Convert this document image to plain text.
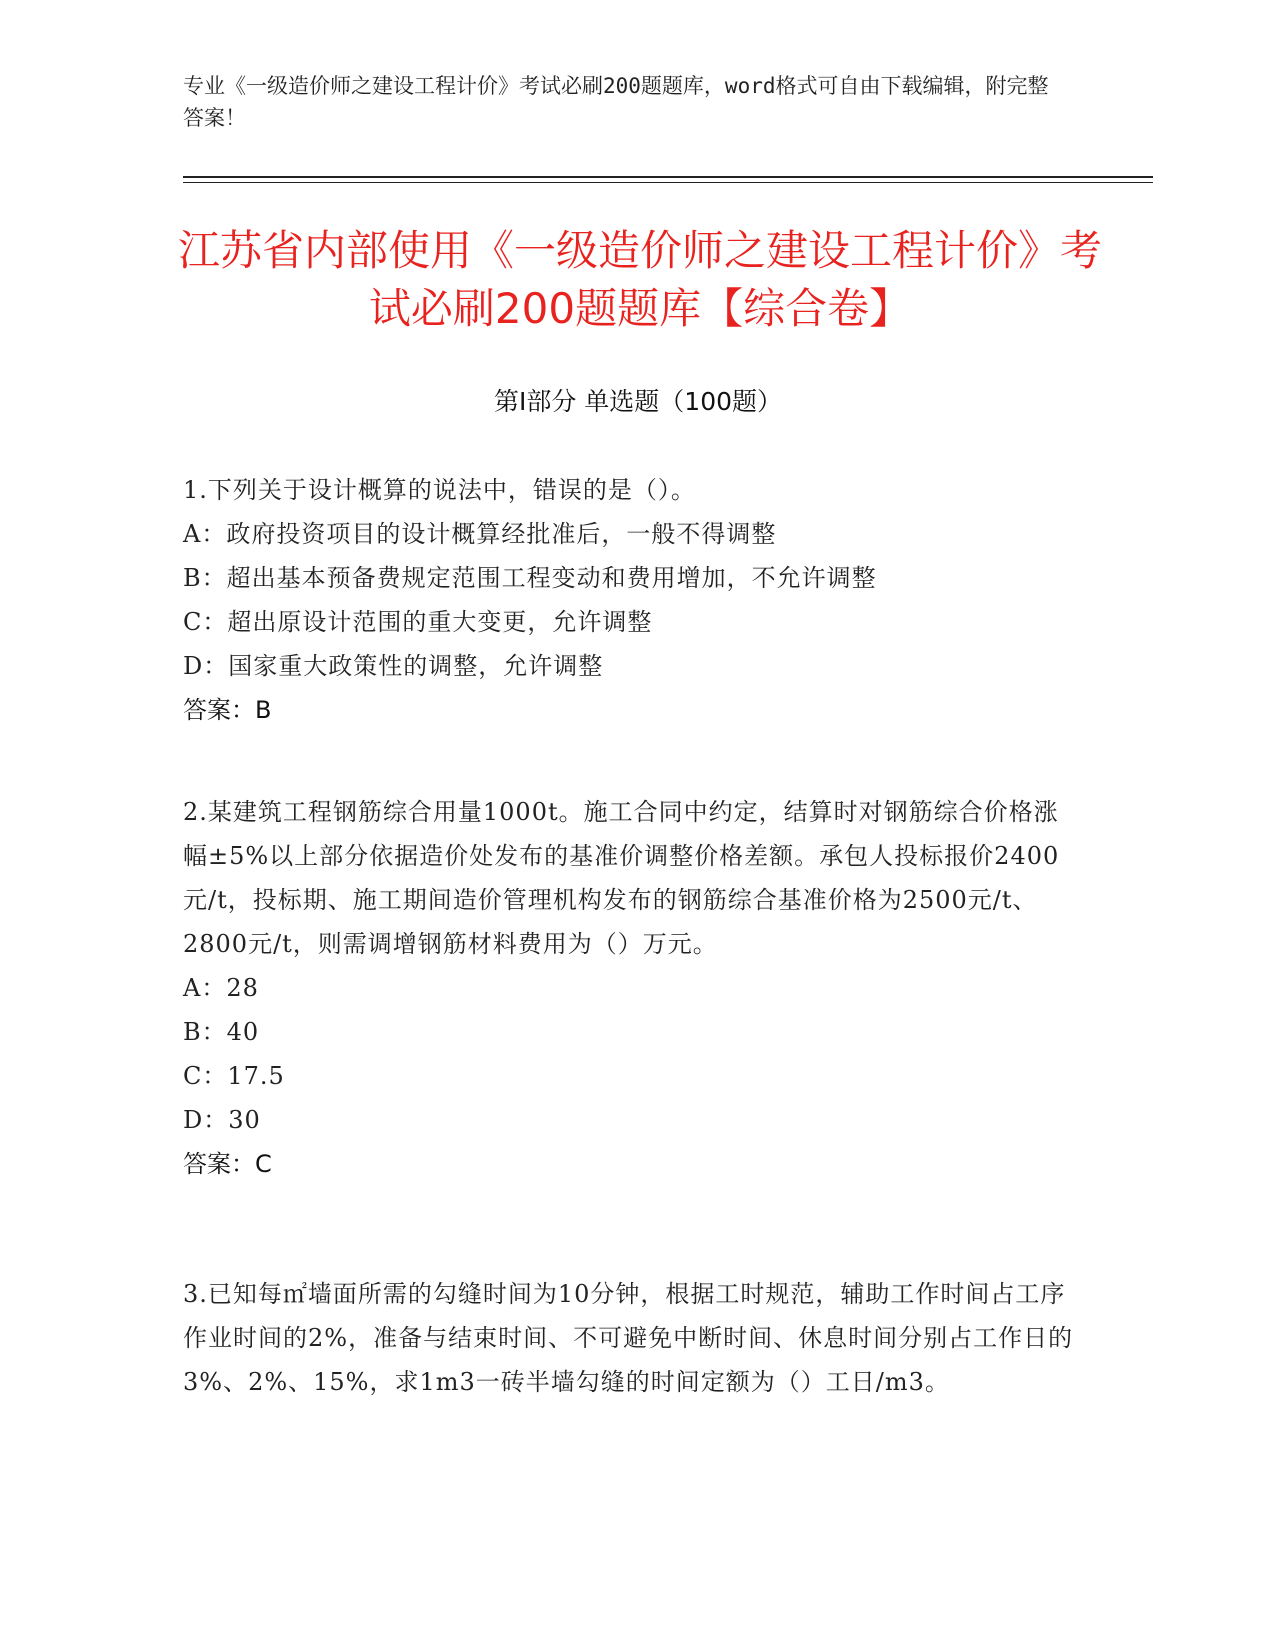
专业《一级造价师之建设工程计价》考试必刷200题题库，word格式可自由下载编辑，附完整答案！
江苏省内部使用《一级造价师之建设工程计价》考试必刷200题题库【综合卷】
第I部分 单选题（100题）
1.下列关于设计概算的说法中，错误的是（）。
A：政府投资项目的设计概算经批准后，一般不得调整
B：超出基本预备费规定范围工程变动和费用增加，不允许调整
C：超出原设计范围的重大变更，允许调整
D：国家重大政策性的调整，允许调整
答案：B
2.某建筑工程钢筋综合用量1000t。施工合同中约定，结算时对钢筋综合价格涨幅±5%以上部分依据造价处发布的基准价调整价格差额。承包人投标报价2400元/t，投标期、施工期间造价管理机构发布的钢筋综合基准价格为2500元/t、2800元/t，则需调增钢筋材料费用为（）万元。
A：28
B：40
C：17.5
D：30
答案：C
3.已知每㎡墙面所需的勾缝时间为10分钟，根据工时规范，辅助工作时间占工序作业时间的2%，准备与结束时间、不可避免中断时间、休息时间分别占工作日的3%、2%、15%，求1m3一砖半墙勾缝的时间定额为（）工日/m3。
